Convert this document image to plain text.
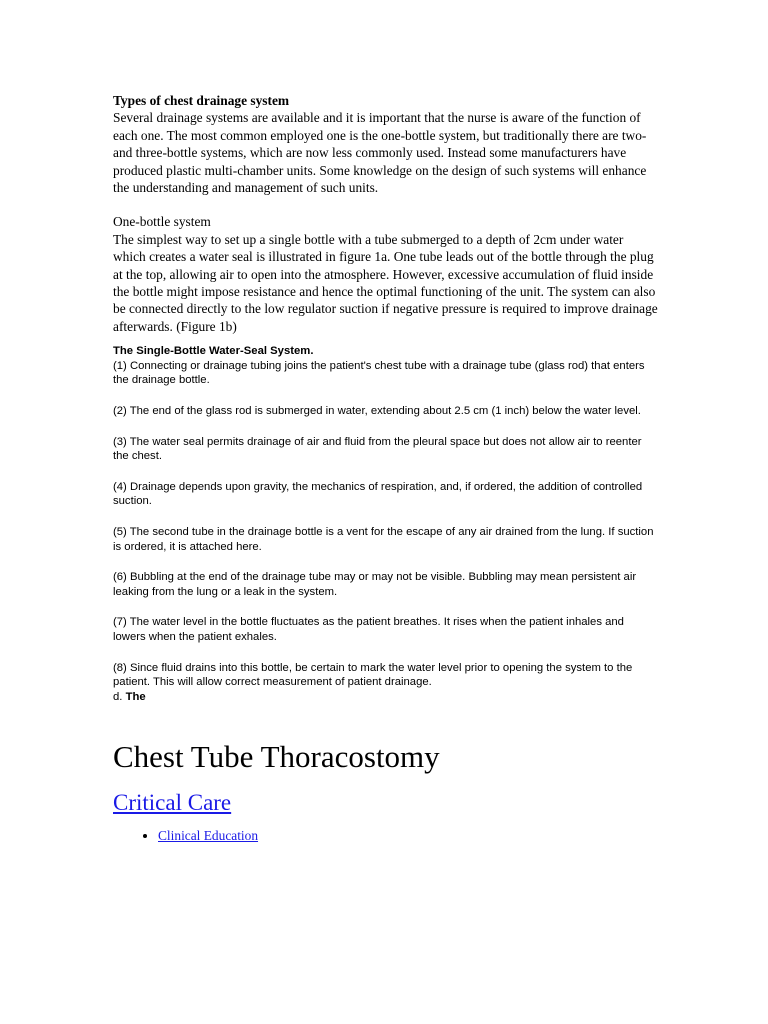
Types of chest drainage system

Several drainage systems are available and it is important that the nurse is aware of the function of each one. The most common employed one is the one-bottle system, but traditionally there are two- and three-bottle systems, which are now less commonly used. Instead some manufacturers have produced plastic multi-chamber units. Some knowledge on the design of such systems will enhance the understanding and management of such units.

One-bottle system

The simplest way to set up a single bottle with a tube submerged to a depth of 2cm under water which creates a water seal is illustrated in figure 1a. One tube leads out of the bottle through the plug at the top, allowing air to open into the atmosphere. However, excessive accumulation of fluid inside the bottle might impose resistance and hence the optimal functioning of the unit. The system can also be connected directly to the low regulator suction if negative pressure is required to improve drainage afterwards. (Figure 1b)

The Single-Bottle Water-Seal System.

(1) Connecting or drainage tubing joins the patient's chest tube with a drainage tube (glass rod) that enters the drainage bottle.

(2) The end of the glass rod is submerged in water, extending about 2.5 cm (1 inch) below the water level.

(3) The water seal permits drainage of air and fluid from the pleural space but does not allow air to reenter the chest.

(4) Drainage depends upon gravity, the mechanics of respiration, and, if ordered, the addition of controlled suction.

(5) The second tube in the drainage bottle is a vent for the escape of any air drained from the lung. If suction is ordered, it is attached here.

(6) Bubbling at the end of the drainage tube may or may not be visible. Bubbling may mean persistent air leaking from the lung or a leak in the system.

(7) The water level in the bottle fluctuates as the patient breathes. It rises when the patient inhales and lowers when the patient exhales.

(8) Since fluid drains into this bottle, be certain to mark the water level prior to opening the system to the patient. This will allow correct measurement of patient drainage.

d. The
Chest Tube Thoracostomy
Critical Care
• Clinical Education
